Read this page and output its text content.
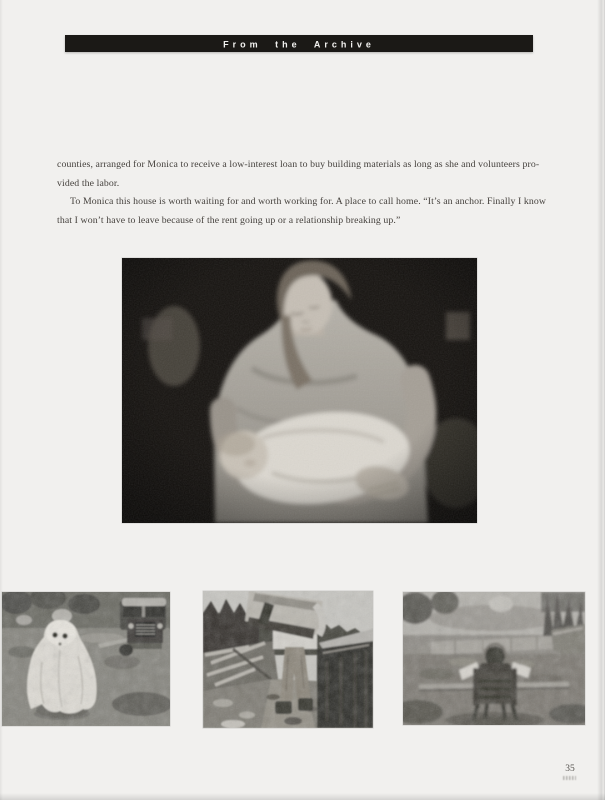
From the Archive
counties, arranged for Monica to receive a low-interest loan to buy building materials as long as she and volunteers pro-
vided the labor.
To Monica this house is worth waiting for and worth working for. A place to call home. “It’s an anchor. Finally I know
that I won’t have to leave because of the rent going up or a relationship breaking up.”
35
